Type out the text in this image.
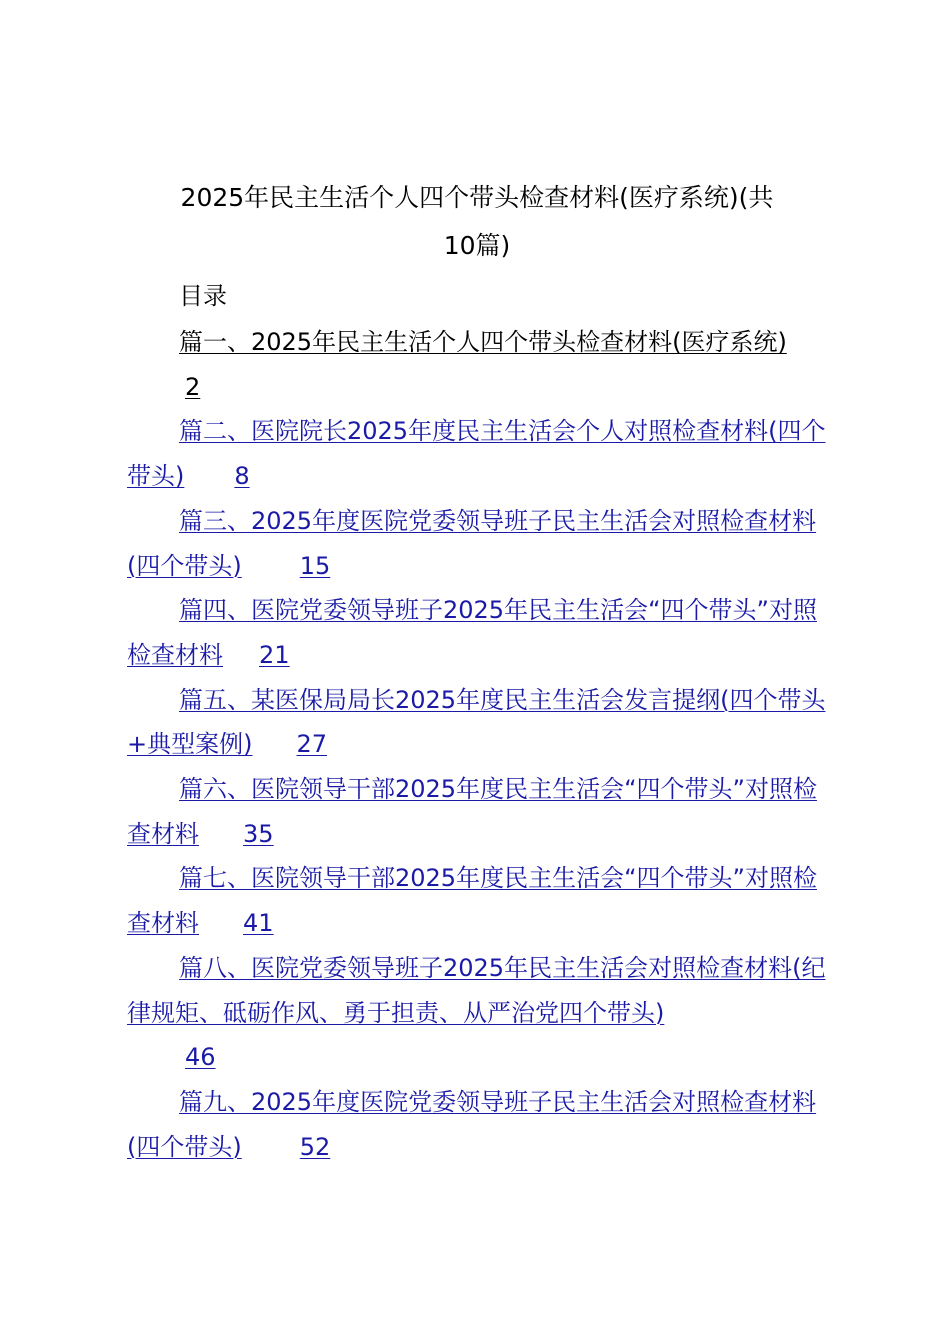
2025年民主生活个人四个带头检查材料(医疗系统)(共
10篇)
目录
篇一、2025年民主生活个人四个带头检查材料(医疗系统)
2
篇二、医院院长2025年度民主生活会个人对照检查材料(四个带头) 8
篇三、2025年度医院党委领导班子民主生活会对照检查材料(四个带头) 15
篇四、医院党委领导班子2025年民主生活会“四个带头”对照检查材料 21
篇五、某医保局局长2025年度民主生活会发言提纲(四个带头+典型案例) 27
篇六、医院领导干部2025年度民主生活会“四个带头”对照检查材料 35
篇七、医院领导干部2025年度民主生活会“四个带头”对照检查材料 41
篇八、医院党委领导班子2025年民主生活会对照检查材料(纪律规矩、砥砺作风、勇于担责、从严治党四个带头)
46
篇九、2025年度医院党委领导班子民主生活会对照检查材料(四个带头) 52
